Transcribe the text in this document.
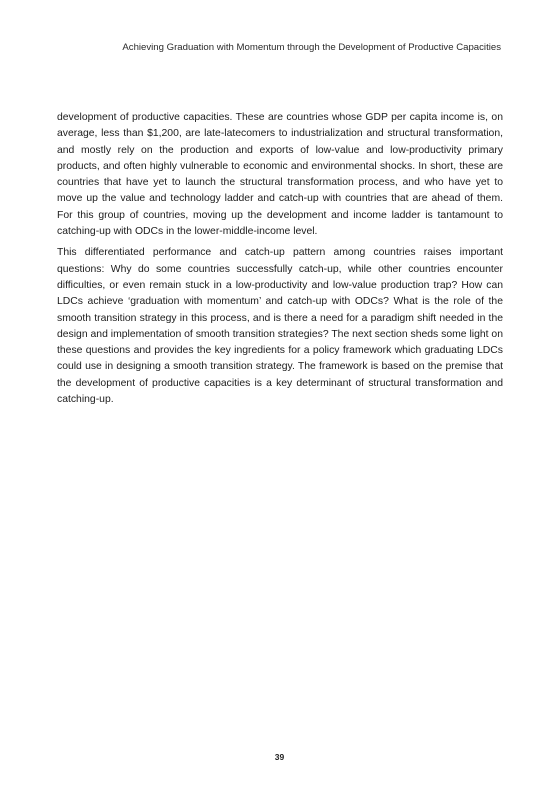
Achieving Graduation with Momentum through the Development of Productive Capacities

development of productive capacities. These are countries whose GDP per capita income is, on average, less than $1,200, are late-latecomers to industrialization and structural transformation, and mostly rely on the production and exports of low-value and low-productivity primary products, and often highly vulnerable to economic and environmental shocks. In short, these are countries that have yet to launch the structural transformation process, and who have yet to move up the value and technology ladder and catch-up with countries that are ahead of them. For this group of countries, moving up the development and income ladder is tantamount to catching-up with ODCs in the lower-middle-income level.

This differentiated performance and catch-up pattern among countries raises important questions: Why do some countries successfully catch-up, while other countries encounter difficulties, or even remain stuck in a low-productivity and low-value production trap? How can LDCs achieve ‘graduation with momentum’ and catch-up with ODCs? What is the role of the smooth transition strategy in this process, and is there a need for a paradigm shift needed in the design and implementation of smooth transition strategies? The next section sheds some light on these questions and provides the key ingredients for a policy framework which graduating LDCs could use in designing a smooth transition strategy. The framework is based on the premise that the development of productive capacities is a key determinant of structural transformation and catching-up.

39
